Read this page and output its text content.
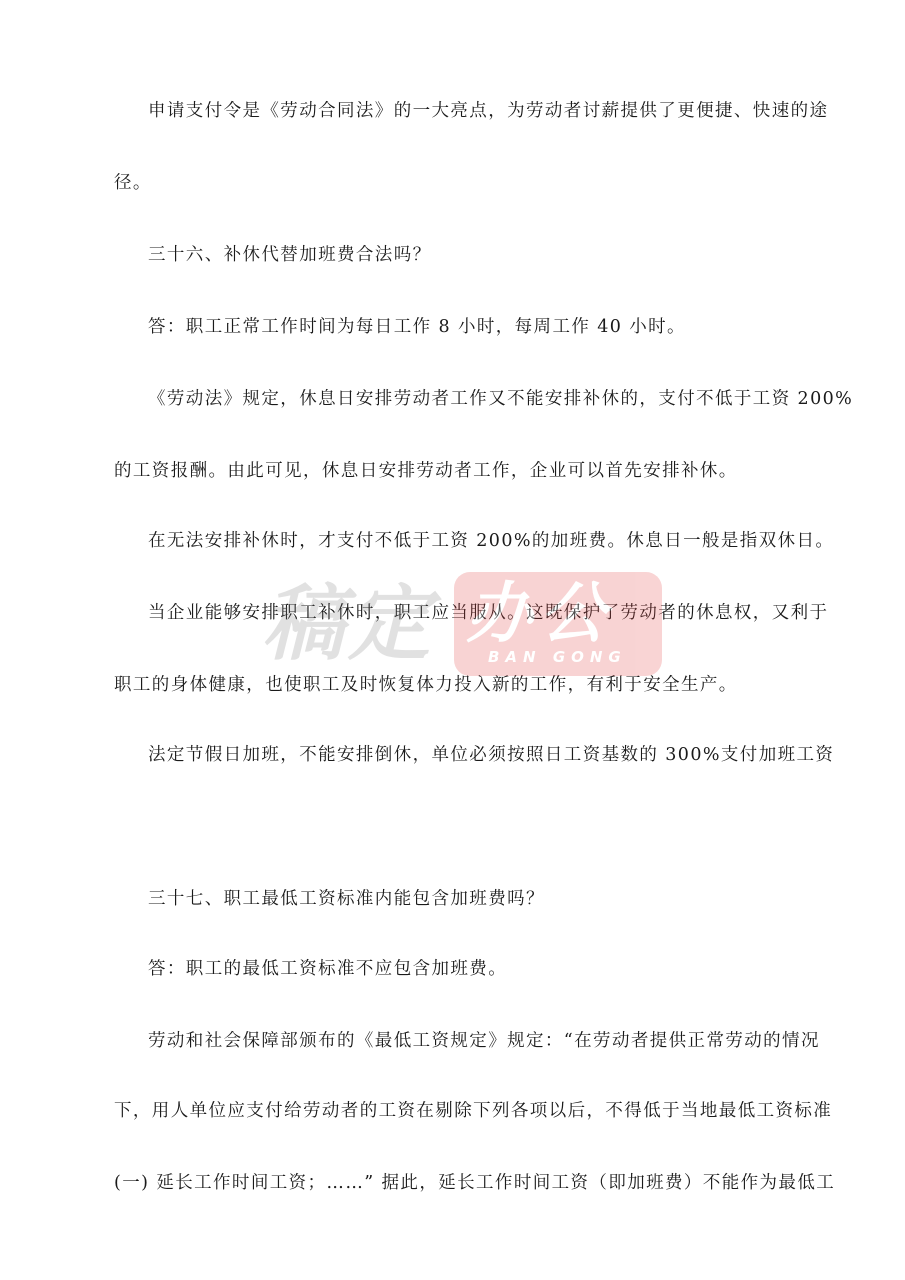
申请支付令是《劳动合同法》的一大亮点，为劳动者讨薪提供了更便捷、快速的途
径。
三十六、补休代替加班费合法吗？
答：职工正常工作时间为每日工作 8 小时，每周工作 40 小时。
《劳动法》规定，休息日安排劳动者工作又不能安排补休的，支付不低于工资 200%
的工资报酬。由此可见，休息日安排劳动者工作，企业可以首先安排补休。
在无法安排补休时，才支付不低于工资 200%的加班费。休息日一般是指双休日。
当企业能够安排职工补休时，职工应当服从。这既保护了劳动者的休息权，又利于
职工的身体健康，也使职工及时恢复体力投入新的工作，有利于安全生产。
法定节假日加班，不能安排倒休，单位必须按照日工资基数的 300%支付加班工资
三十七、职工最低工资标准内能包含加班费吗？
答：职工的最低工资标准不应包含加班费。
劳动和社会保障部颁布的《最低工资规定》规定：“在劳动者提供正常劳动的情况
下，用人单位应支付给劳动者的工资在剔除下列各项以后，不得低于当地最低工资标准
(一) 延长工作时间工资；……” 据此，延长工作时间工资（即加班费）不能作为最低工
稿定 办公
BAN GONG
